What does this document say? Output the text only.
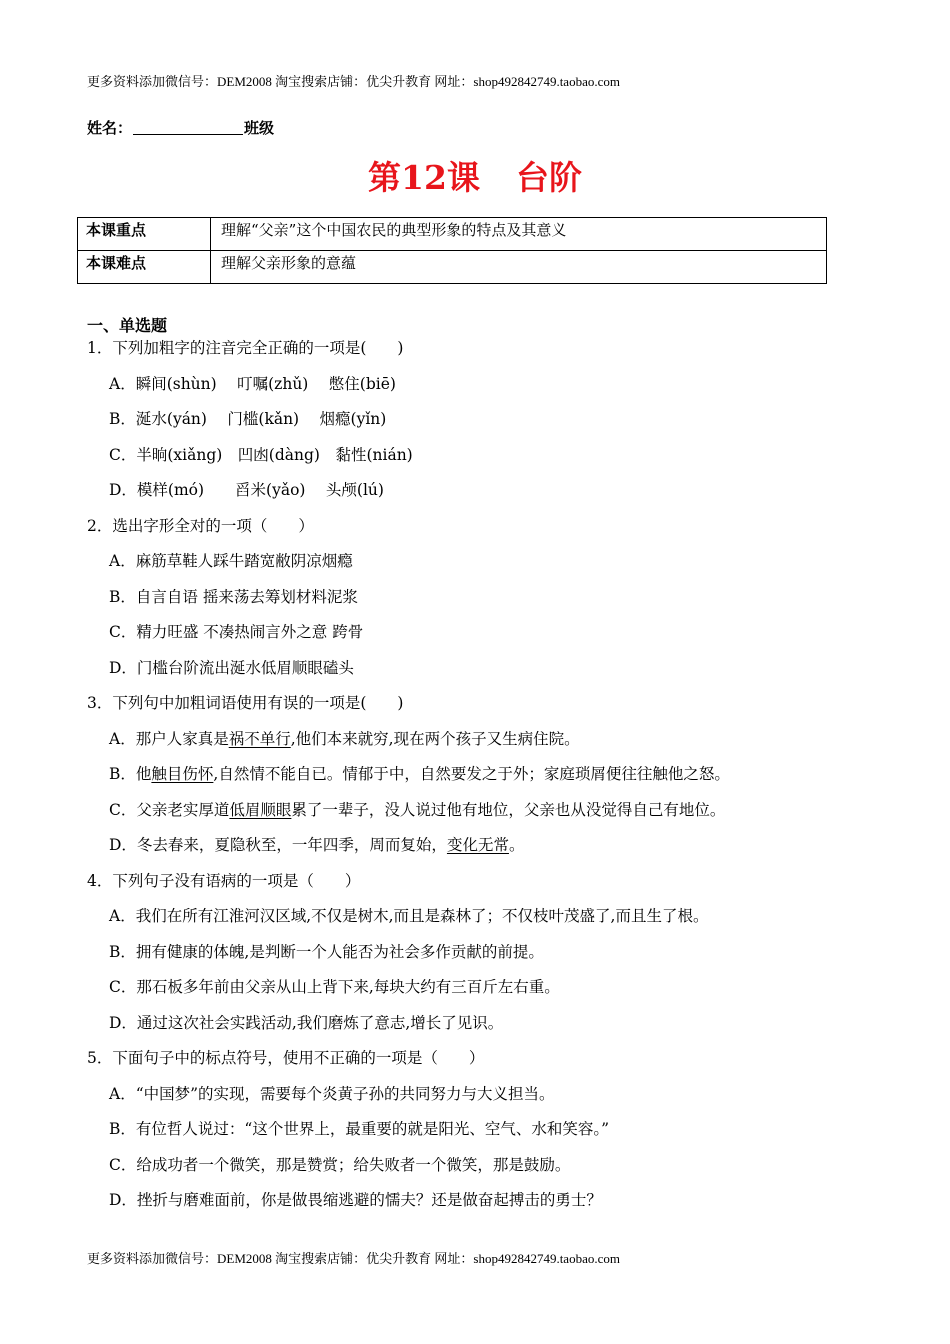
更多资料添加微信号：DEM2008 淘宝搜索店铺：优尖升教育 网址：shop492842749.taobao.com
姓名：	班级
第12课 台阶
本课重点	理解“父亲”这个中国农民的典型形象的特点及其意义
本课难点	理解父亲形象的意蕴
一、单选题
1．下列加粗字的注音完全正确的一项是(　　)
A．瞬间(shùn)　 叮嘱(zhǔ)　 憋住(biē)
B．涎水(yán)　 门槛(kǎn)　 烟瘾(yǐn)
C．半晌(xiǎng)　凹凼(dàng)　黏性(nián)
D．模样(mó)　　舀米(yǎo)　 头颅(lú)
2．选出字形全对的一项（　　）
A．麻筋草鞋人踩牛踏宽敝阴凉烟瘾
B．自言自语 摇来荡去筹划材料泥浆
C．精力旺盛 不凑热闹言外之意 跨骨
D．门槛台阶流出涎水低眉顺眼磕头
3．下列句中加粗词语使用有误的一项是(　　)
A．那户人家真是祸不单行,他们本来就穷,现在两个孩子又生病住院。
B．他触目伤怀,自然情不能自已。情郁于中，自然要发之于外；家庭琐屑便往往触他之怒。
C．父亲老实厚道低眉顺眼累了一辈子，没人说过他有地位，父亲也从没觉得自己有地位。
D．冬去春来，夏隐秋至，一年四季，周而复始，变化无常。
4．下列句子没有语病的一项是（　　）
A．我们在所有江淮河汉区域,不仅是树木,而且是森林了；不仅枝叶茂盛了,而且生了根。
B．拥有健康的体魄,是判断一个人能否为社会多作贡献的前提。
C．那石板多年前由父亲从山上背下来,每块大约有三百斤左右重。
D．通过这次社会实践活动,我们磨炼了意志,增长了见识。
5．下面句子中的标点符号，使用不正确的一项是（　　）
A．“中国梦”的实现，需要每个炎黄子孙的共同努力与大义担当。
B．有位哲人说过：“这个世界上，最重要的就是阳光、空气、水和笑容。”
C．给成功者一个微笑，那是赞赏；给失败者一个微笑，那是鼓励。
D．挫折与磨难面前，你是做畏缩逃避的懦夫？还是做奋起搏击的勇士？
更多资料添加微信号：DEM2008 淘宝搜索店铺：优尖升教育 网址：shop492842749.taobao.com
